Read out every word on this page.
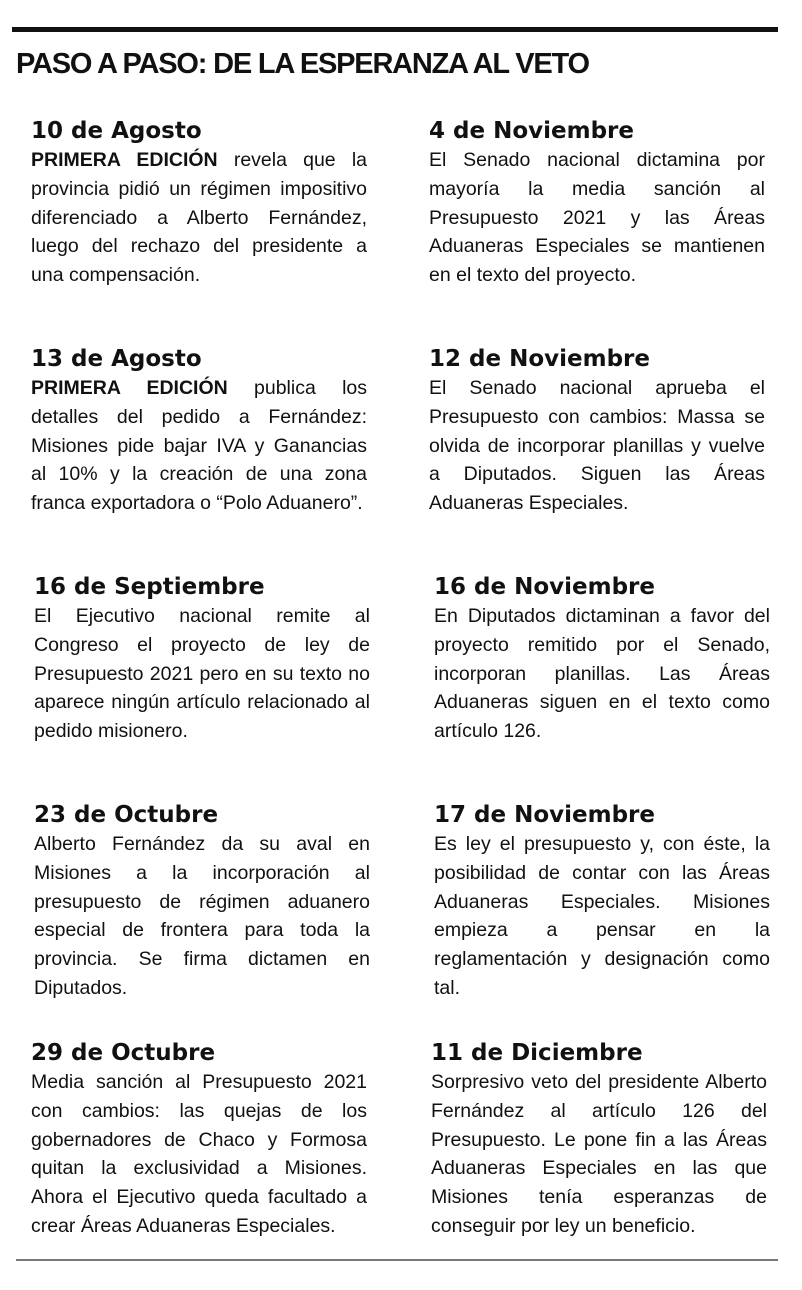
PASO A PASO: DE LA ESPERANZA AL VETO

10 de Agosto

PRIMERA EDICIÓN revela que la provincia pidió un régimen impositivo diferenciado a Alberto Fernández, luego del rechazo del presidente a una compensación.

13 de Agosto

PRIMERA EDICIÓN publica los detalles del pedido a Fernández: Misiones pide bajar IVA y Ganancias al 10% y la creación de una zona franca exportadora o “Polo Aduanero”.

16 de Septiembre

El Ejecutivo nacional remite al Congreso el proyecto de ley de Presupuesto 2021 pero en su texto no aparece ningún artículo relacionado al pedido misionero.

23 de Octubre

Alberto Fernández da su aval en Misiones a la incorporación al presupuesto de régimen aduanero especial de frontera para toda la provincia. Se firma dictamen en Diputados.

29 de Octubre

Media sanción al Presupuesto 2021 con cambios: las quejas de los gobernadores de Chaco y Formosa quitan la exclusividad a Misiones. Ahora el Ejecutivo queda facultado a crear Áreas Aduaneras Especiales.

4 de Noviembre

El Senado nacional dictamina por mayoría la media sanción al Presupuesto 2021 y las Áreas Aduaneras Especiales se mantienen en el texto del proyecto.

12 de Noviembre

El Senado nacional aprueba el Presupuesto con cambios: Massa se olvida de incorporar planillas y vuelve a Diputados. Siguen las Áreas Aduaneras Especiales.

16 de Noviembre

En Diputados dictaminan a favor del proyecto remitido por el Senado, incorporan planillas. Las Áreas Aduaneras siguen en el texto como artículo 126.

17 de Noviembre

Es ley el presupuesto y, con éste, la posibilidad de contar con las Áreas Aduaneras Especiales. Misiones empieza a pensar en la reglamentación y designación como tal.

11 de Diciembre

Sorpresivo veto del presidente Alberto Fernández al artículo 126 del Presupuesto. Le pone fin a las Áreas Aduaneras Especiales en las que Misiones tenía esperanzas de conseguir por ley un beneficio.
